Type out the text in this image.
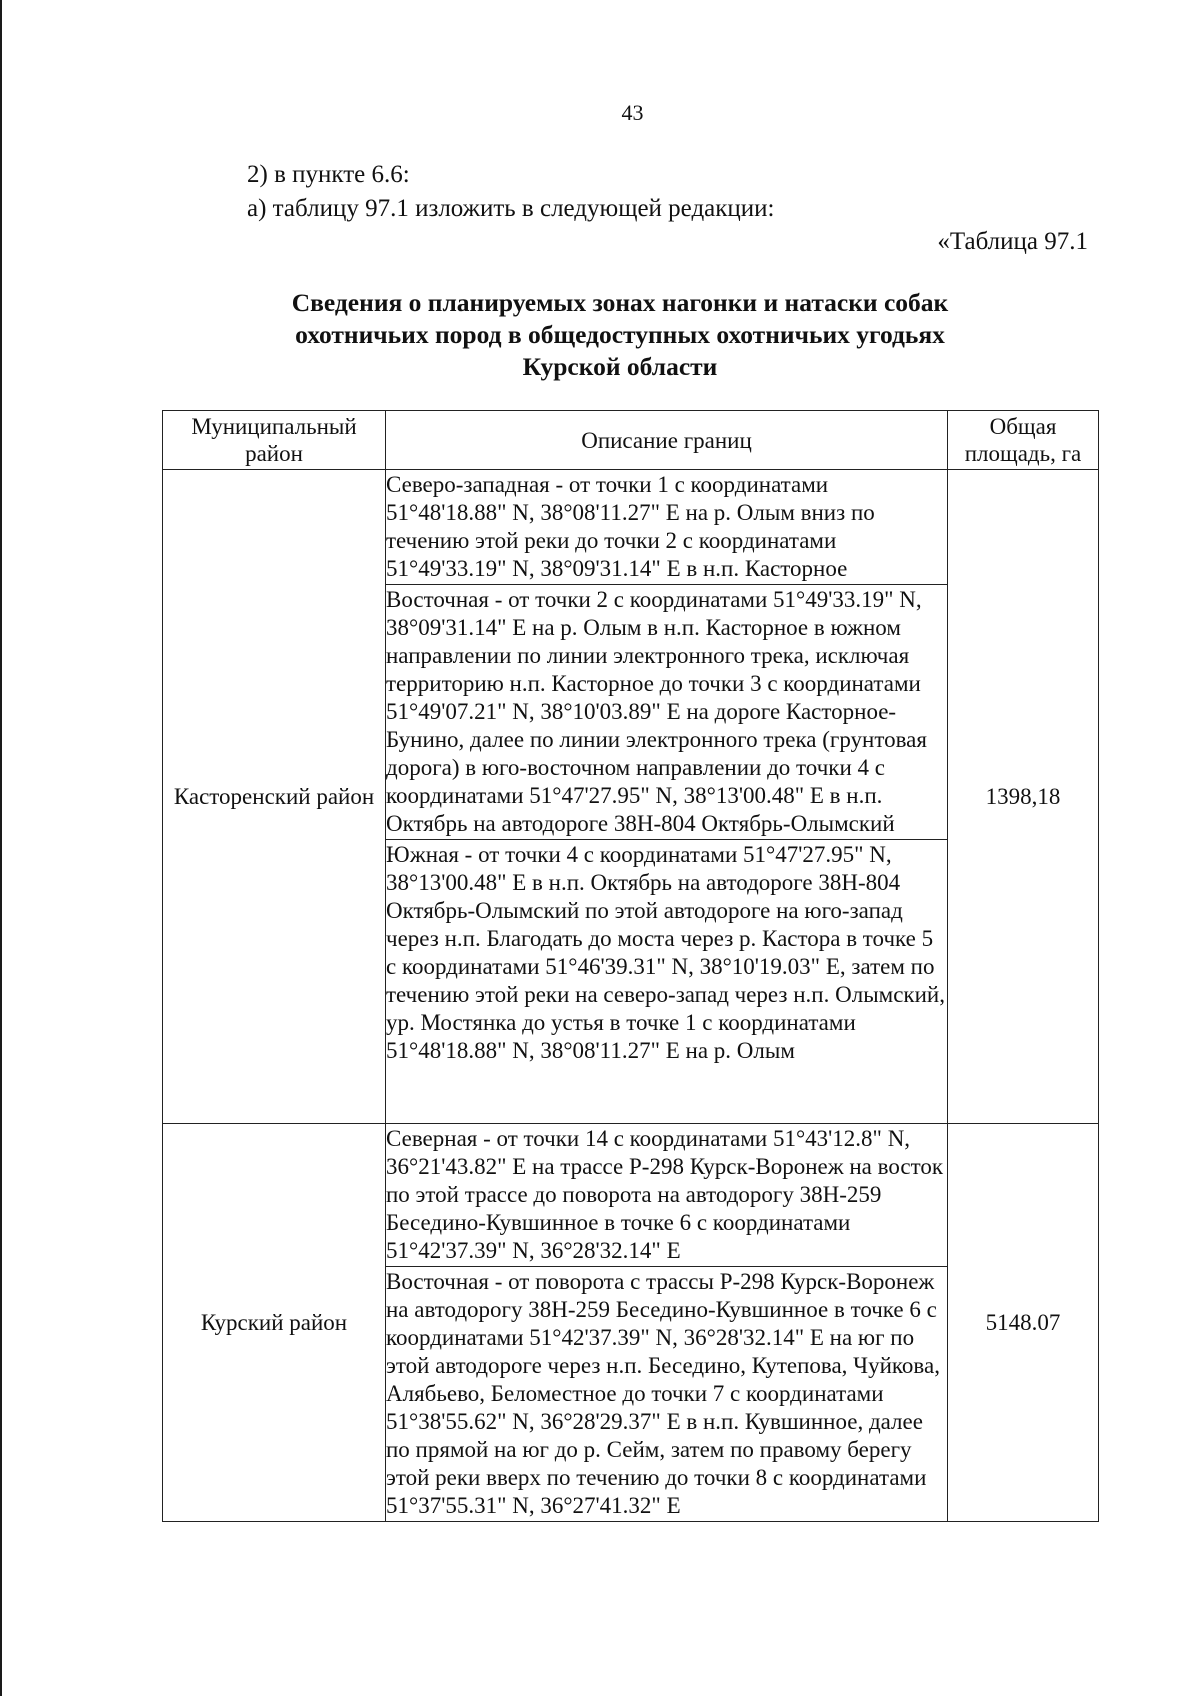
43
2) в пункте 6.6:
а) таблицу 97.1 изложить в следующей редакции:
«Таблица 97.1
Сведения о планируемых зонах нагонки и натаски собак
охотничьих пород в общедоступных охотничьих угодьях
Курской области
Муниципальный район	Описание границ	Общая площадь, га
Касторенский район	Северо-западная - от точки 1 с координатами 51°48'18.88" N, 38°08'11.27" Е на р. Олым вниз по течению этой реки до точки 2 с координатами 51°49'33.19" N, 38°09'31.14" Е в н.п. Касторное
Восточная - от точки 2 с координатами 51°49'33.19" N, 38°09'31.14" Е на р. Олым в н.п. Касторное в южном направлении по линии электронного трека, исключая территорию н.п. Касторное до точки 3 с координатами 51°49'07.21" N, 38°10'03.89" Е на дороге Касторное-Бунино, далее по линии электронного трека (грунтовая дорога) в юго-восточном направлении до точки 4 с координатами 51°47'27.95" N, 38°13'00.48" Е в н.п. Октябрь на автодороге 38Н-804 Октябрь-Олымский
Южная - от точки 4 с координатами 51°47'27.95" N, 38°13'00.48" Е в н.п. Октябрь на автодороге 38Н-804 Октябрь-Олымский по этой автодороге на юго-запад через н.п. Благодать до моста через р. Кастора в точке 5 с координатами 51°46'39.31" N, 38°10'19.03" Е, затем по течению этой реки на северо-запад через н.п. Олымский, ур. Мостянка до устья в точке 1 с координатами 51°48'18.88" N, 38°08'11.27" Е на р. Олым	1398,18
Курский район	Северная - от точки 14 с координатами 51°43'12.8" N, 36°21'43.82" Е на трассе Р-298 Курск-Воронеж на восток по этой трассе до поворота на автодорогу 38Н-259 Беседино-Кувшинное в точке 6 с координатами 51°42'37.39" N, 36°28'32.14" Е
Восточная - от поворота с трассы Р-298 Курск-Воронеж на автодорогу 38Н-259 Беседино-Кувшинное в точке 6 с координатами 51°42'37.39" N, 36°28'32.14" Е на юг по этой автодороге через н.п. Беседино, Кутепова, Чуйкова, Алябьево, Беломестное до точки 7 с координатами 51°38'55.62" N, 36°28'29.37" Е в н.п. Кувшинное, далее по прямой на юг до р. Сейм, затем по правому берегу этой реки вверх по течению до точки 8 с координатами 51°37'55.31" N, 36°27'41.32" Е	5148.07
